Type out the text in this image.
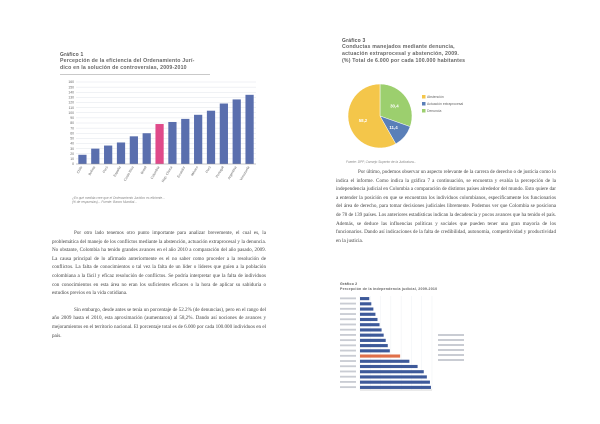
Gráfico 1
Percepción de la eficiencia del Ordenamiento Jurí-
dico en la solución de controversias, 2009-2010
0
10
20
30
40
50
60
70
80
90
100
110
120
130
140
150
160
Chile Bolivia Perú España Costa Rica Brasil Colombia Rep. Checa Ecuador México Perú Portugal Argentina Venezuela
¿En qué medida cree que el Ordenamiento Jurídico es eficiente...
(% de respuestas)... Fuente: Banco Mundial...

Por otro lado tenemos otro punto importante para analizar brevemente, el cual es, la problemática del manejo de los conflictos mediante la abstención, actuación extraprocesal y la denuncia. No obstante, Colombia ha tenido grandes avances en el año 2010 a comparación del año pasado, 2009. La causa principal de lo afirmado anteriormente es el no saber como proceder a la resolución de conflictos. La falta de conocimientos o tal vez la falta de un líder o líderes que guíen a la población colombiana a la fácil y eficaz resolución de conflictos. Se podría interpretar que la falta de individuos con conocimientos en esta área no eran los suficientes eficaces o la hora de aplicar su sabiduría o estudios previos en la vida cotidiana.

Sin embargo, desde antes se tenía un porcentaje de 52.2% (de denuncias), pero en el rango del año 2009 hasta el 2010, esta aproximación (aumentaron) al 58,2%. Dando así nociones de avances y mejoramientos en el territorio nacional. El porcentaje total es de 6.000 por cada 100.000 individuos en el país.

Gráfico 3
Conductas manejados mediante denuncia,
actuación extraprocesal y abstención, 2009.
(%) Total de 6.000 por cada 100.000 habitantes
30,4
11,4
58,2
Abstención
Actuación extraprocesal
Denuncia
Fuente: DPP, Consejo Superior de la Judicatura...

Por último, podemos observar un aspecto relevante de la carrera de derecho o de justicia como lo indica el informe. Como indica la gráfica 7 a continuación, se encuentra y evalúa la percepción de la independencia judicial en Colombia a comparación de distintos países alrededor del mundo. Esto quiere dar a entender la posición en que se encuentran los individuos colombianos, específicamente los funcionarios del área de derecho, para tomar decisiones judiciales libremente. Podemos ver que Colombia se posiciona de 78 de 139 países. Los anteriores estadísticas indican la decadencia y pocos avances que ha tenido el país. Además, se deduce las influencias políticas y sociales que pueden tener una gran mayoría de los funcionarios. Dando así indicaciones de la falta de credibilidad, autonomía, competitividad y productividad en la justicia.

Gráfico 2
Percepción de la independencia judicial, 2009-2010
